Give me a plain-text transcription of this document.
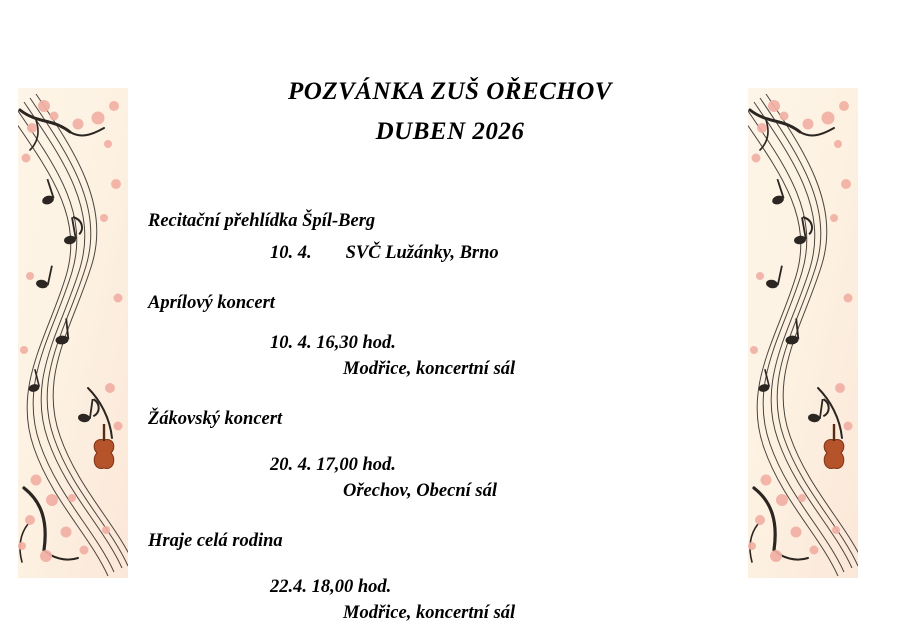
POZVÁNKA ZUŠ OŘECHOV
DUBEN 2026

Recitační přehlídka Špíl-Berg

10. 4. SVČ Lužánky, Brno

Aprílový koncert

10. 4. 16,30 hod.

Modřice, koncertní sál

Žákovský koncert

20. 4. 17,00 hod.

Ořechov, Obecní sál

Hraje celá rodina

22.4. 18,00 hod.

Modřice, koncertní sál
